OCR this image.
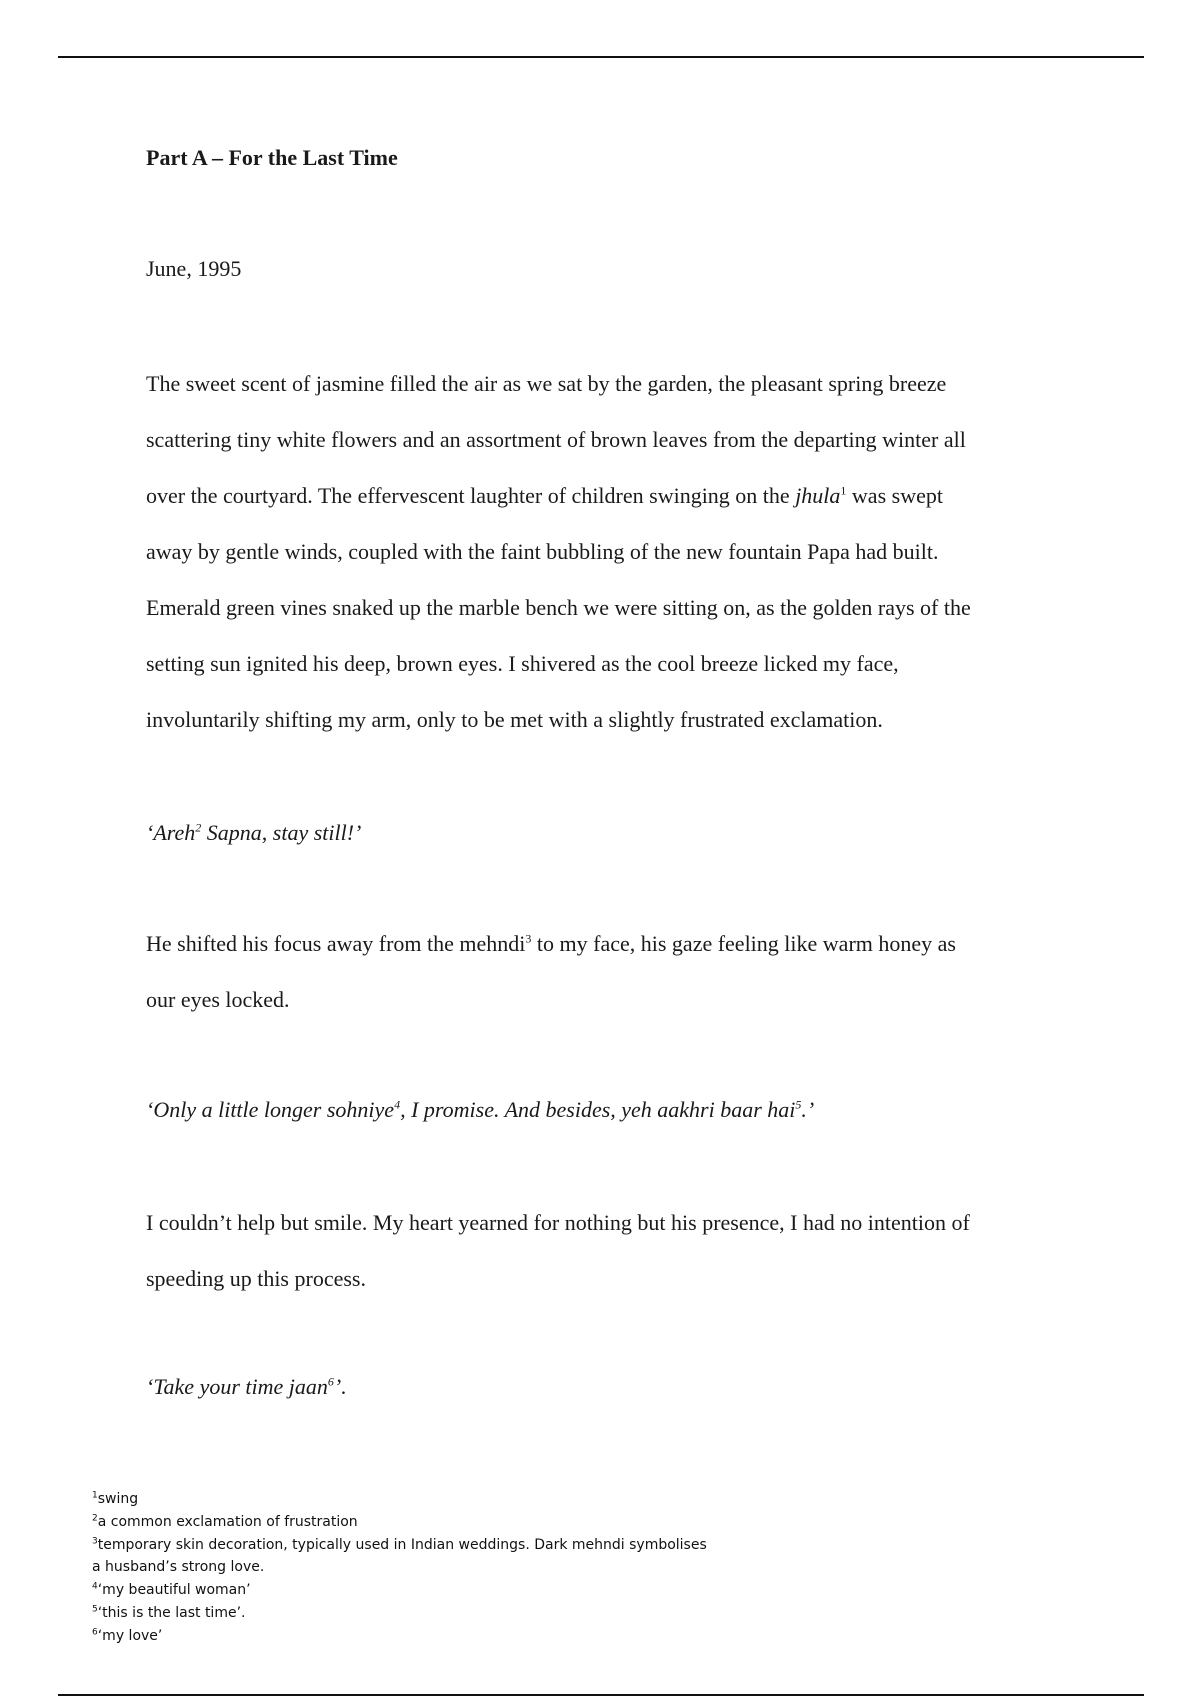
Part A – For the Last Time
June, 1995
The sweet scent of jasmine filled the air as we sat by the garden, the pleasant spring breeze
scattering tiny white flowers and an assortment of brown leaves from the departing winter all
over the courtyard. The effervescent laughter of children swinging on the jhula$^1$ was swept
away by gentle winds, coupled with the faint bubbling of the new fountain Papa had built.
Emerald green vines snaked up the marble bench we were sitting on, as the golden rays of the
setting sun ignited his deep, brown eyes. I shivered as the cool breeze licked my face,
involuntarily shifting my arm, only to be met with a slightly frustrated exclamation.
‘Areh$^2$ Sapna, stay still!’
He shifted his focus away from the mehndi$^3$ to my face, his gaze feeling like warm honey as
our eyes locked.
‘Only a little longer sohniye$^4$, I promise. And besides, yeh aakhri baar hai$^5$.’
I couldn’t help but smile. My heart yearned for nothing but his presence, I had no intention of
speeding up this process.
‘Take your time jaan$^6$’.
$^1$swing
$^2$a common exclamation of frustration
$^3$temporary skin decoration, typically used in Indian weddings. Dark mehndi symbolises
a husband’s strong love.
$^4$‘my beautiful woman’
$^5$‘this is the last time’.
$^6$‘my love’
